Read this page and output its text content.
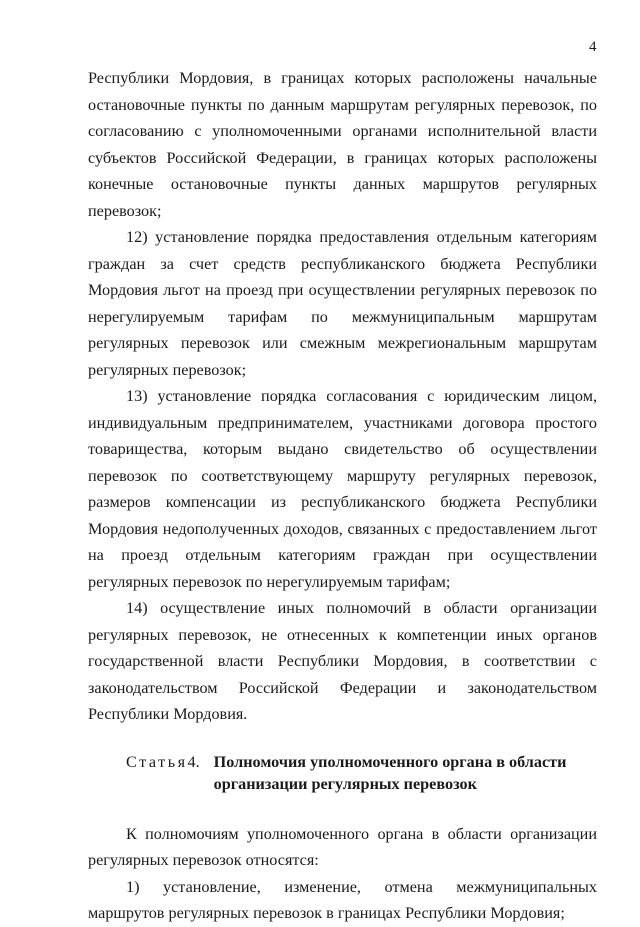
4

Республики Мордовия, в границах которых расположены начальные остановочные пункты по данным маршрутам регулярных перевозок, по согласованию с уполномоченными органами исполнительной власти субъектов Российской Федерации, в границах которых расположены конечные остановочные пункты данных маршрутов регулярных перевозок;

12) установление порядка предоставления отдельным категориям граждан за счет средств республиканского бюджета Республики Мордовия льгот на проезд при осуществлении регулярных перевозок по нерегулируемым тарифам по межмуниципальным маршрутам регулярных перевозок или смежным межрегиональным маршрутам регулярных перевозок;

13) установление порядка согласования с юридическим лицом, индивидуальным предпринимателем, участниками договора простого товарищества, которым выдано свидетельство об осуществлении перевозок по соответствующему маршруту регулярных перевозок, размеров компенсации из республиканского бюджета Республики Мордовия недополученных доходов, связанных с предоставлением льгот на проезд отдельным категориям граждан при осуществлении регулярных перевозок по нерегулируемым тарифам;

14) осуществление иных полномочий в области организации регулярных перевозок, не отнесенных к компетенции иных органов государственной власти Республики Мордовия, в соответствии с законодательством Российской Федерации и законодательством Республики Мордовия.

Статья 4. Полномочия уполномоченного органа в области организации регулярных перевозок

К полномочиям уполномоченного органа в области организации регулярных перевозок относятся:

1) установление, изменение, отмена межмуниципальных маршрутов регулярных перевозок в границах Республики Мордовия;
